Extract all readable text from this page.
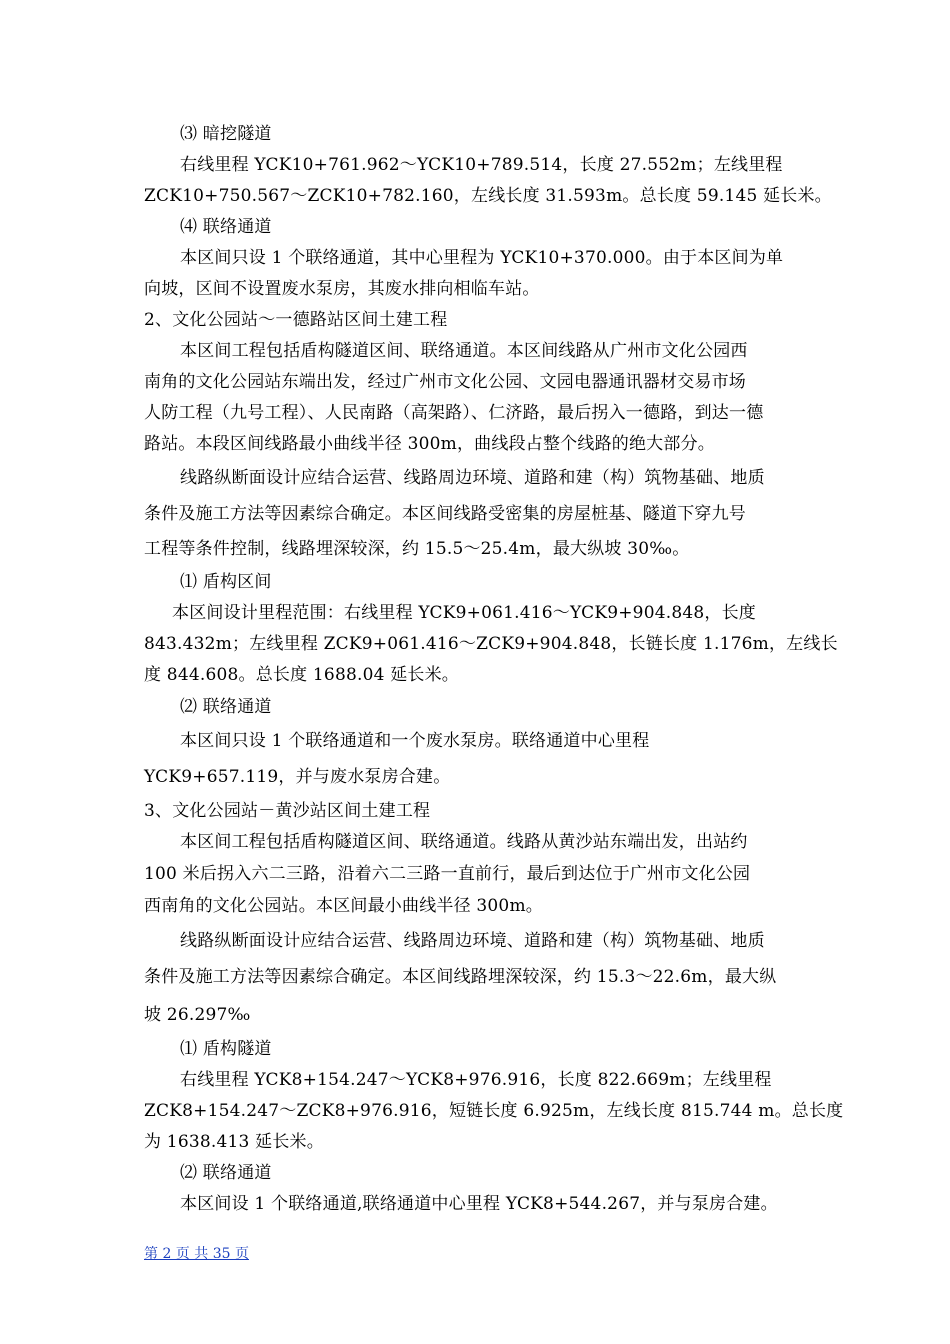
⑶ 暗挖隧道
右线里程 YCK10+761.962～YCK10+789.514，长度 27.552m；左线里程
ZCK10+750.567～ZCK10+782.160，左线长度 31.593m。总长度 59.145 延长米。
⑷ 联络通道
本区间只设 1 个联络通道，其中心里程为 YCK10+370.000。由于本区间为单
向坡，区间不设置废水泵房，其废水排向相临车站。
2、文化公园站～一德路站区间土建工程
本区间工程包括盾构隧道区间、联络通道。本区间线路从广州市文化公园西
南角的文化公园站东端出发，经过广州市文化公园、文园电器通讯器材交易市场
人防工程（九号工程）、人民南路（高架路）、仁济路，最后拐入一德路，到达一德
路站。本段区间线路最小曲线半径 300m，曲线段占整个线路的绝大部分。
线路纵断面设计应结合运营、线路周边环境、道路和建（构）筑物基础、地质
条件及施工方法等因素综合确定。本区间线路受密集的房屋桩基、隧道下穿九号
工程等条件控制，线路埋深较深，约 15.5～25.4m，最大纵坡 30‰。
⑴ 盾构区间
本区间设计里程范围：右线里程 YCK9+061.416～YCK9+904.848，长度
843.432m；左线里程 ZCK9+061.416～ZCK9+904.848，长链长度 1.176m，左线长
度 844.608。总长度 1688.04 延长米。
⑵ 联络通道
本区间只设 1 个联络通道和一个废水泵房。联络通道中心里程
YCK9+657.119，并与废水泵房合建。
3、文化公园站－黄沙站区间土建工程
本区间工程包括盾构隧道区间、联络通道。线路从黄沙站东端出发，出站约
100 米后拐入六二三路，沿着六二三路一直前行，最后到达位于广州市文化公园
西南角的文化公园站。本区间最小曲线半径 300m。
线路纵断面设计应结合运营、线路周边环境、道路和建（构）筑物基础、地质
条件及施工方法等因素综合确定。本区间线路埋深较深，约 15.3～22.6m，最大纵
坡 26.297‰
⑴ 盾构隧道
右线里程 YCK8+154.247～YCK8+976.916，长度 822.669m；左线里程
ZCK8+154.247～ZCK8+976.916，短链长度 6.925m，左线长度 815.744 m。总长度
为 1638.413 延长米。
⑵ 联络通道
本区间设 1 个联络通道,联络通道中心里程 YCK8+544.267，并与泵房合建。
第 2 页 共 35 页
